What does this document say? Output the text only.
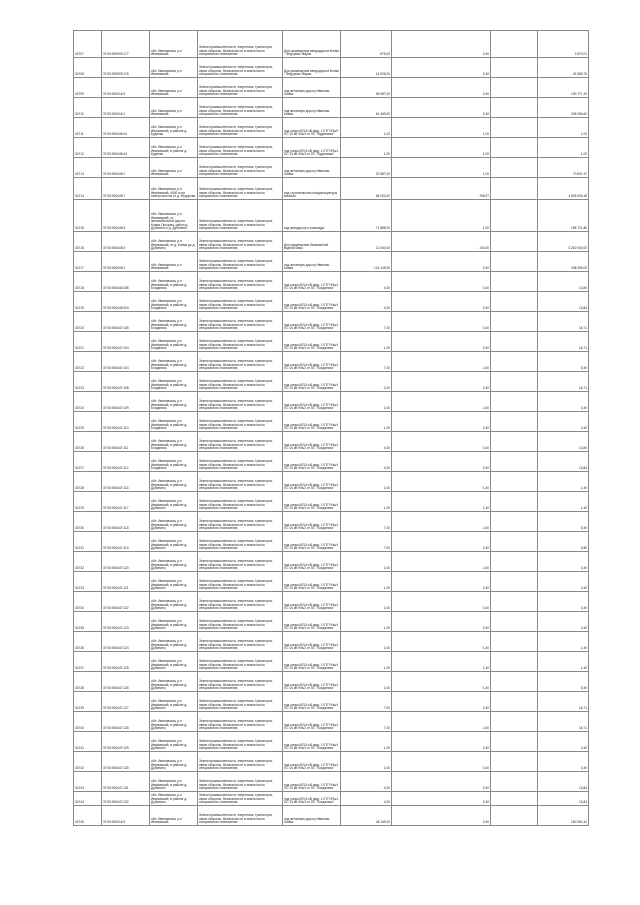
34707	37:05:000909:177	обл. Ивановская, р-н Ивановский	Земли промышленности, энергетики, транспорта, связи обороны, безопасности и земли иного специального назначения	Для размещения вендодорога Кохма - Федорово Жарки	876,00	0,40		2 870,01
34708	37:05:000909:176	обл. Ивановская, р-н Ивановский	Земли промышленности, энергетики, транспорта, связи обороны, безопасности и земли иного специального назначения	Для размещения вендодорога Кохма - Федорово Жарки	14 026,00	0,40		49 383,76
34709	37:05:000416:3	обл. Ивановская, р-н Ивановский	Земли промышленности, энергетики, транспорта, связи обороны, безопасности и земли иного специального назначения	под железную дорогу Иваново-Кохма	56 987,00	0,40		190 771,19
34710	37:05:000416:1	обл. Ивановская, р-н Ивановский	Земли промышленности, энергетики, транспорта, связи обороны, безопасности и земли иного специального назначения	под железную дорогу Иваново-Кохма	61 469,00	0,40		206 056,60
34711	37:05:000445:44	обл. Ивановская, р-н Ивановский, в районе д. Буденки	Земли промышленности, энергетики, транспорта, связи обороны, безопасности и земли иного специального назначения	под опоры ВЛ-6 кВ фид. 1 КТП Ф№9 ПС 10 кВ Ф№3 от ПС "Буденовка"	1,00	1,00		1,00
34712	37:05:000445:44	обл. Ивановская, р-н Ивановский, в районе д. Буденки	Земли промышленности, энергетики, транспорта, связи обороны, безопасности и земли иного специального назначения	под опоры ВЛ-6 кВ фид. 1 КТП Ф№4 ПС 10 кВ Ф№3 от ПС "Буденовка"	1,00	1,00		1,00
34713	37:05:000445:1	обл. Ивановская, р-н Ивановский	Земли промышленности, энергетики, транспорта, связи обороны, безопасности и земли иного специального назначения	под железную дорогу Иваново-Кохма	20 987,00	1,00		70 847,47
34714	37:05:000445:7	обл. Ивановская, р-н Ивановский, 4000 м на северо-восток от д. Федорово	Земли промышленности, энергетики, транспорта, связи обороны, безопасности и земли иного специального назначения	под строительство инфраструктуры вокзала	84 000,00	768,97		4 505 006,48
34715	37:05:000445:3	обл. Ивановская, р-н Ивановский, от автомобильной дороги Кохма-Писцово, район д. Дубинино к д. Дубинино	Земли промышленности, энергетики, транспорта, связи обороны, безопасности и земли иного специального назначения	под автодорогу и разъезды	71 885,00	1,00		198 721,86
34716	37:05:000445:4	обл. Ивановская, р-н Ивановский, от д. Кохма до д. Дубинино	Земли промышленности, энергетики, транспорта, связи обороны, безопасности и земли иного специального назначения	Для размещения безымянной водной базы	12 000,00	100,00		3 240 000,00
34717	37:05:000405:1	обл. Ивановская, р-н Ивановский	Земли промышленности, энергетики, транспорта, связи обороны, безопасности и земли иного специального назначения	под железную дорогу Иваново-Кохма	124 145,00	0,40		438 396,00
34718	37:05:000445:186	обл. Ивановская, р-н Ивановский, в районе д. Богданиха	Земли промышленности, энергетики, транспорта, связи обороны, безопасности и земли иного специального назначения	под опоры ВЛ-6 кВ фид. 1 КТП Ф№4 ПС 10 кВ Ф№3 от ПС "Богданиха"	4,00	0,40		13,84
34719	37:05:000445:204	обл. Ивановская, р-н Ивановский, в районе д. Богданиха	Земли промышленности, энергетики, транспорта, связи обороны, безопасности и земли иного специального назначения	под опоры ВЛ-6 кВ фид. 1 КТП Ф№4 ПС 10 кВ Ф№3 от ПС "Богданиха"	4,00	0,40		13,84
34720	37:05:000447:105	обл. Ивановская, р-н Ивановский, в районе д. Богданиха	Земли промышленности, энергетики, транспорта, связи обороны, безопасности и земли иного специального назначения	под опоры ВЛ-6 кВ фид. 1 КТП Ф№4 ПС 10 кВ Ф№3 от ПС "Богданиха"	7,00	0,40		16,71
34721	37:05:000447:104	обл. Ивановская, р-н Ивановский, в районе д. Богданиха	Земли промышленности, энергетики, транспорта, связи обороны, безопасности и земли иного специального назначения	под опоры ВЛ-6 кВ фид. 1 КТП Ф№4 ПС 10 кВ Ф№3 от ПС "Богданиха"	1,00	0,40		16,71
34722	37:05:000447:104	обл. Ивановская, р-н Ивановский, в районе д. Богданиха	Земли промышленности, энергетики, транспорта, связи обороны, безопасности и земли иного специального назначения	под опоры ВЛ-6 кВ фид. 1 КТП Ф№4 ПС 10 кВ Ф№3 от ПС "Богданиха"	7,00	2,40		5,40
34723	37:05:000447:108	обл. Ивановская, р-н Ивановский, в районе д. Богданиха	Земли промышленности, энергетики, транспорта, связи обороны, безопасности и земли иного специального назначения	под опоры ВЛ-6 кВ фид. 1 КТП Ф№4 ПС 10 кВ Ф№3 от ПС "Богданиха"	2,00	2,40		16,71
34724	37:05:000447:109	обл. Ивановская, р-н Ивановский, в районе д. Богданиха	Земли промышленности, энергетики, транспорта, связи обороны, безопасности и земли иного специального назначения	под опоры ВЛ-6 кВ фид. 1 КТП Ф№4 ПС 10 кВ Ф№3 от ПС "Богданиха"	1,00	2,40		3,40
34725	37:05:000447:110	обл. Ивановская, р-н Ивановский, в районе д. Богданиха	Земли промышленности, энергетики, транспорта, связи обороны, безопасности и земли иного специального назначения	под опоры ВЛ-6 кВ фид. 1 КТП Ф№4 ПС 10 кВ Ф№3 от ПС "Богданиха"	1,00	2,40		3,40
34726	37:05:000447:111	обл. Ивановская, р-н Ивановский, в районе д. Богданиха	Земли промышленности, энергетики, транспорта, связи обороны, безопасности и земли иного специального назначения	под опоры ВЛ-6 кВ фид. 1 КТП Ф№4 ПС 10 кВ Ф№3 от ПС "Богданиха"	4,00	0,40		13,84
34727	37:05:000447:112	обл. Ивановская, р-н Ивановский, в районе д. Богданиха	Земли промышленности, энергетики, транспорта, связи обороны, безопасности и земли иного специального назначения	под опоры ВЛ-6 кВ фид. 1 КТП Ф№4 ПС 10 кВ Ф№3 от ПС "Богданиха"	4,00	0,40		13,84
34728	37:05:000447:116	обл. Ивановская, р-н Ивановский, в районе д. Дубинино	Земли промышленности, энергетики, транспорта, связи обороны, безопасности и земли иного специального назначения	под опоры ВЛ-6 кВ фид. 1 КТП Ф№4 ПС 10 кВ Ф№3 от ПС "Богданиха"	1,00	1,40		1,40
34729	37:05:000447:117	обл. Ивановская, р-н Ивановский, в районе д. Дубинино	Земли промышленности, энергетики, транспорта, связи обороны, безопасности и земли иного специального назначения	под опоры ВЛ-6 кВ фид. 1 КТП Ф№4 ПС 10 кВ Ф№3 от ПС "Богданиха"	1,00	1,40		1,40
34730	37:05:000447:118	обл. Ивановская, р-н Ивановский, в районе д. Дубинино	Земли промышленности, энергетики, транспорта, связи обороны, безопасности и земли иного специального назначения	под опоры ВЛ-6 кВ фид. 1 КТП Ф№4 ПС 10 кВ Ф№3 от ПС "Богданиха"	7,00	2,40		5,40
34731	37:05:000447:119	обл. Ивановская, р-н Ивановский, в районе д. Дубинино	Земли промышленности, энергетики, транспорта, связи обороны, безопасности и земли иного специального назначения	под опоры ВЛ-6 кВ фид. 1 КТП Ф№4 ПС 10 кВ Ф№3 от ПС "Богданиха"	7,00	2,40		5,80
34732	37:05:000447:120	обл. Ивановская, р-н Ивановский, в районе д. Дубинино	Земли промышленности, энергетики, транспорта, связи обороны, безопасности и земли иного специального назначения	под опоры ВЛ-6 кВ фид. 1 КТП Ф№4 ПС 10 кВ Ф№3 от ПС "Богданиха"	1,00	2,40		3,40
34733	37:05:000447:121	обл. Ивановская, р-н Ивановский, в районе д. Дубинино	Земли промышленности, энергетики, транспорта, связи обороны, безопасности и земли иного специального назначения	под опоры ВЛ-6 кВ фид. 1 КТП Ф№4 ПС 10 кВ Ф№3 от ПС "Богданиха"	1,00	2,40		3,40
34734	37:05:000447:122	обл. Ивановская, р-н Ивановский, в районе д. Дубинино	Земли промышленности, энергетики, транспорта, связи обороны, безопасности и земли иного специального назначения	под опоры ВЛ-6 кВ фид. 1 КТП Ф№4 ПС 10 кВ Ф№3 от ПС "Богданиха"	1,00	0,40		3,40
34735	37:05:000447:123	обл. Ивановская, р-н Ивановский, в районе д. Дубинино	Земли промышленности, энергетики, транспорта, связи обороны, безопасности и земли иного специального назначения	под опоры ВЛ-6 кВ фид. 1 КТП Ф№4 ПС 10 кВ Ф№3 от ПС "Богданиха"	1,00	0,40		3,40
34736	37:05:000447:124	обл. Ивановская, р-н Ивановский, в районе д. Дубинино	Земли промышленности, энергетики, транспорта, связи обороны, безопасности и земли иного специального назначения	под опоры ВЛ-6 кВ фид. 1 КТП Ф№4 ПС 10 кВ Ф№3 от ПС "Богданиха"	1,00	1,40		1,40
34737	37:05:000447:125	обл. Ивановская, р-н Ивановский, в районе д. Дубинино	Земли промышленности, энергетики, транспорта, связи обороны, безопасности и земли иного специального назначения	под опоры ВЛ-6 кВ фид. 1 КТП Ф№4 ПС 10 кВ Ф№3 от ПС "Богданиха"	1,00	1,40		1,40
34738	37:05:000447:126	обл. Ивановская, р-н Ивановский, в районе д. Дубинино	Земли промышленности, энергетики, транспорта, связи обороны, безопасности и земли иного специального назначения	под опоры ВЛ-6 кВ фид. 1 КТП Ф№4 ПС 10 кВ Ф№3 от ПС "Богданиха"	1,00	1,40		5,40
34739	37:05:000447:127	обл. Ивановская, р-н Ивановский, в районе д. Дубинино	Земли промышленности, энергетики, транспорта, связи обороны, безопасности и земли иного специального назначения	под опоры ВЛ-6 кВ фид. 1 КТП Ф№4 ПС 10 кВ Ф№3 от ПС "Богданиха"	7,00	2,40		16,71
34740	37:05:000447:128	обл. Ивановская, р-н Ивановский, в районе д. Дубинино	Земли промышленности, энергетики, транспорта, связи обороны, безопасности и земли иного специального назначения	под опоры ВЛ-6 кВ фид. 1 КТП Ф№4 ПС 10 кВ Ф№3 от ПС "Богданиха"	7,00	2,40		16,71
34741	37:05:000447:129	обл. Ивановская, р-н Ивановский, в районе д. Дубинино	Земли промышленности, энергетики, транспорта, связи обороны, безопасности и земли иного специального назначения	под опоры ВЛ-6 кВ фид. 1 КТП Ф№4 ПС 10 кВ Ф№3 от ПС "Богданиха"	1,00	2,40		3,40
34742	37:05:000447:130	обл. Ивановская, р-н Ивановский, в районе д. Дубинино	Земли промышленности, энергетики, транспорта, связи обороны, безопасности и земли иного специального назначения	под опоры ВЛ-6 кВ фид. 1 КТП Ф№4 ПС 10 кВ Ф№3 от ПС "Богданиха"	1,00	0,40		3,40
34743	37:05:000447:131	обл. Ивановская, р-н Ивановский, в районе д. Дубинино	Земли промышленности, энергетики, транспорта, связи обороны, безопасности и земли иного специального назначения	под опоры ВЛ-6 кВ фид. 1 КТП Ф№4 ПС 10 кВ Ф№3 от ПС "Богданиха"	4,00	0,40		13,84
34744	37:05:000447:132	обл. Ивановская, р-н Ивановский, в районе д. Дубинино	Земли промышленности, энергетики, транспорта, связи обороны, безопасности и земли иного специального назначения	под опоры ВЛ-6 кВ фид. 1 КТП Ф№4 ПС 10 кВ Ф№3 от ПС "Богданиха"	4,00	0,40		13,84
34745	37:05:000416:3	обл. Ивановская, р-н Ивановский	Земли промышленности, энергетики, транспорта, связи обороны, безопасности и земли иного специального назначения	под железную дорогу Иваново-Кохма	45 149,00	0,40		160 081,44
